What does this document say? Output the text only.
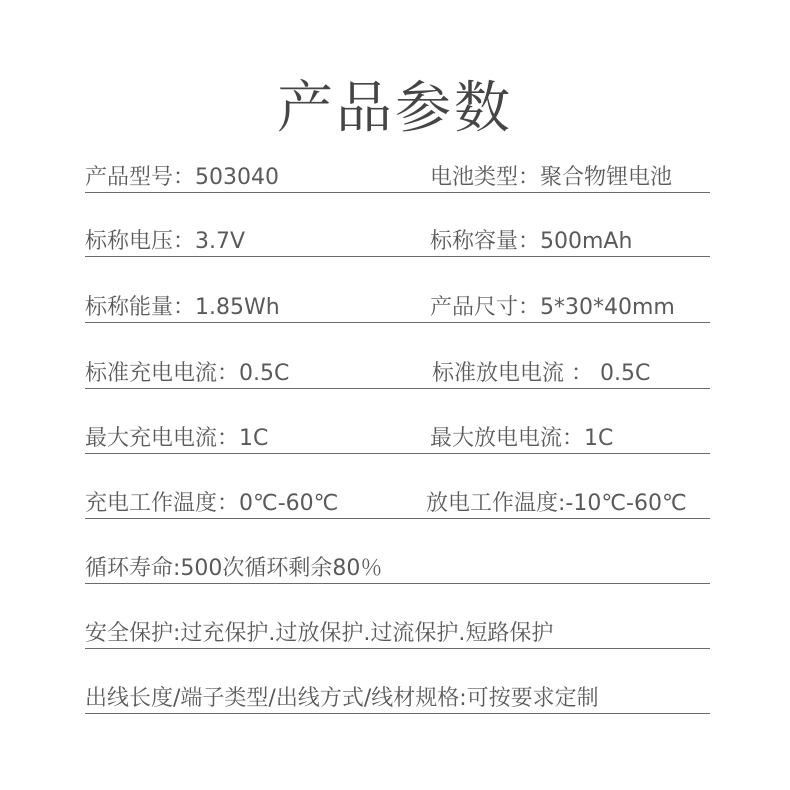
产品参数
产品型号：503040	电池类型：聚合物锂电池
标称电压：3.7V	标称容量：500mAh
标称能量：1.85Wh	产品尺寸：5*30*40mm
标准充电电流：0.5C	标准放电电流 ： 0.5C
最大充电电流：1C	最大放电电流：1C
充电工作温度：0℃-60℃	放电工作温度:-10℃-60℃
循环寿命:500次循环剩余80％
安全保护:过充保护.过放保护.过流保护.短路保护
出线长度/端子类型/出线方式/线材规格:可按要求定制
